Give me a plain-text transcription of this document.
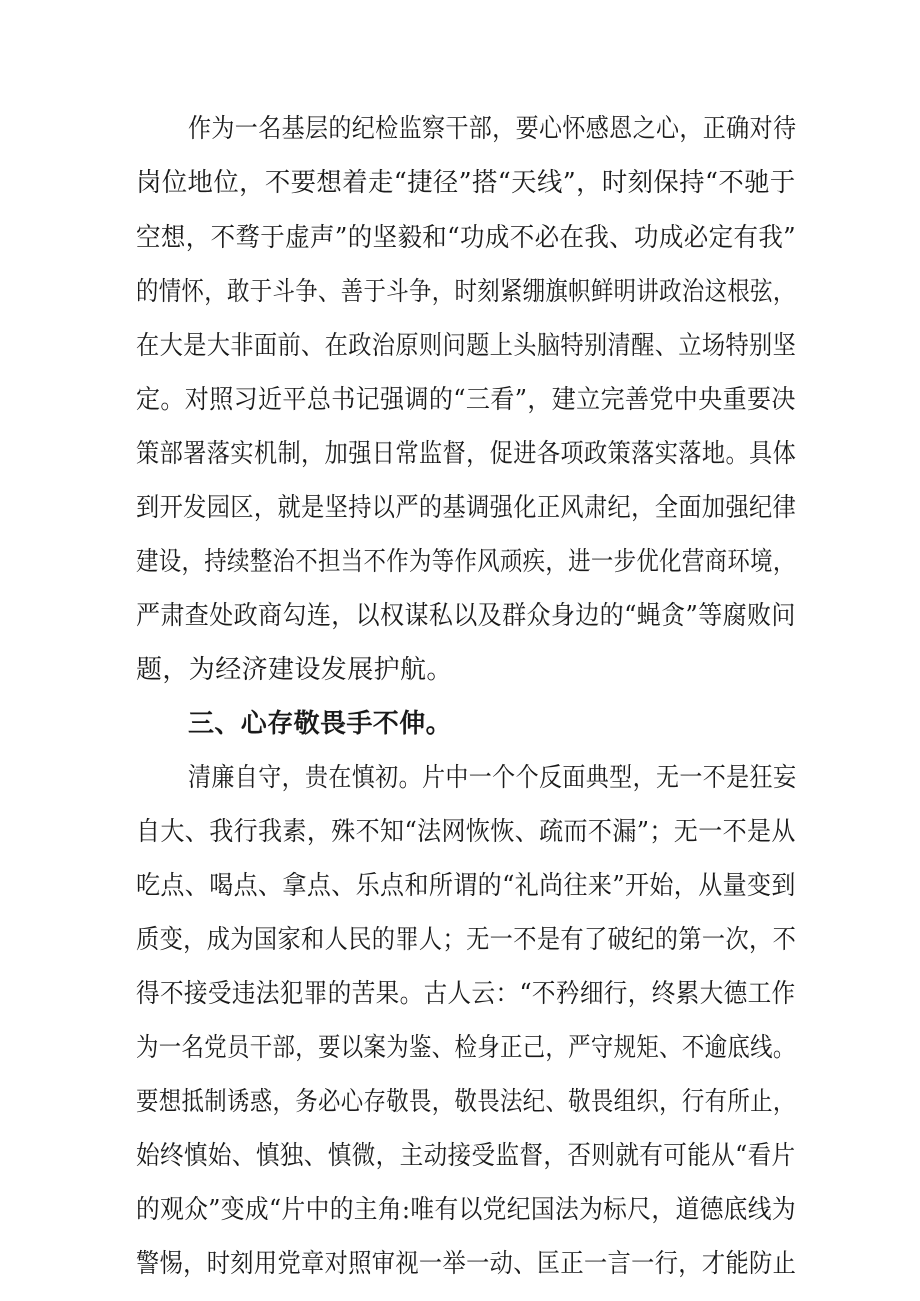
作为一名基层的纪检监察干部，要心怀感恩之心，正确对待
岗位地位，不要想着走“捷径”搭“天线”，时刻保持“不驰于
空想，不骛于虚声”的坚毅和“功成不必在我、功成必定有我”
的情怀，敢于斗争、善于斗争，时刻紧绷旗帜鲜明讲政治这根弦，
在大是大非面前、在政治原则问题上头脑特别清醒、立场特别坚
定。对照习近平总书记强调的“三看”，建立完善党中央重要决
策部署落实机制，加强日常监督，促进各项政策落实落地。具体
到开发园区，就是坚持以严的基调强化正风肃纪，全面加强纪律
建设，持续整治不担当不作为等作风顽疾，进一步优化营商环境，
严肃查处政商勾连，以权谋私以及群众身边的“蝇贪”等腐败问
题，为经济建设发展护航。
三、心存敬畏手不伸。
清廉自守，贵在慎初。片中一个个反面典型，无一不是狂妄
自大、我行我素，殊不知“法网恢恢、疏而不漏”；无一不是从
吃点、喝点、拿点、乐点和所谓的“礼尚往来”开始，从量变到
质变，成为国家和人民的罪人；无一不是有了破纪的第一次，不
得不接受违法犯罪的苦果。古人云：“不矜细行，终累大德工作
为一名党员干部，要以案为鉴、检身正己，严守规矩、不逾底线。
要想抵制诱惑，务必心存敬畏，敬畏法纪、敬畏组织，行有所止，
始终慎始、慎独、慎微，主动接受监督，否则就有可能从“看片
的观众”变成“片中的主角:唯有以党纪国法为标尺，道德底线为
警惕，时刻用党章对照审视一举一动、匡正一言一行，才能防止
